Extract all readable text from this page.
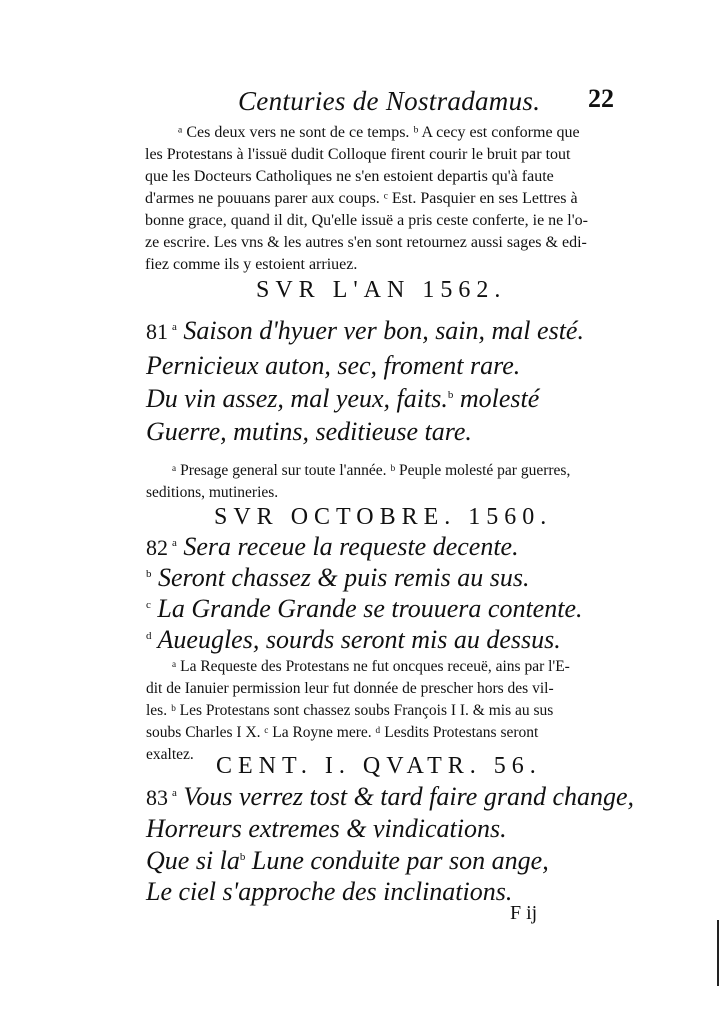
Centuries de Nostradamus. 22
ᵃ Ces deux vers ne sont de ce temps. ᵇ A cecy est conforme que
les Protestans à l'issuë dudit Colloque firent courir le bruit par tout
que les Docteurs Catholiques ne s'en estoient departis qu'à faute
d'armes ne pouuans parer aux coups. ᶜ Est. Pasquier en ses Lettres à
bonne grace, quand il dit, Qu'elle issuë a pris ceste conferte, ie ne l'o-
ze escrire. Les vns & les autres s'en sont retournez aussi sages & edi-
fiez comme ils y estoient arriuez.
SVR L'AN 1562.
81 $^a$ Saison d'hyuer ver bon, sain, mal esté.
Pernicieux auton, sec, froment rare.
Du vin assez, mal yeux, faits.$^b$ molesté
Guerre, mutins, seditieuse tare.
ᵃ Presage general sur toute l'année. ᵇ Peuple molesté par guerres,
seditions, mutineries.
SVR OCTOBRE. 1560.
82 $^a$ Sera receue la requeste decente.
$^b$ Seront chassez & puis remis au sus.
$^c$ La Grande Grande se trouuera contente.
$^d$ Aueugles, sourds seront mis au dessus.
ᵃ La Requeste des Protestans ne fut oncques receuë, ains par l'E-
dit de Ianuier permission leur fut donnée de prescher hors des vil-
les. ᵇ Les Protestans sont chassez soubs François I I. & mis au sus
soubs Charles I X. ᶜ La Royne mere. ᵈ Lesdits Protestans seront
exaltez. CENT. I. QVATR. 56.
83 $^a$ Vous verrez tost & tard faire grand change,
Horreurs extremes & vindications.
Que si $la^b$ Lune conduite par son ange,
Le ciel s'approche des inclinations.
F ij
